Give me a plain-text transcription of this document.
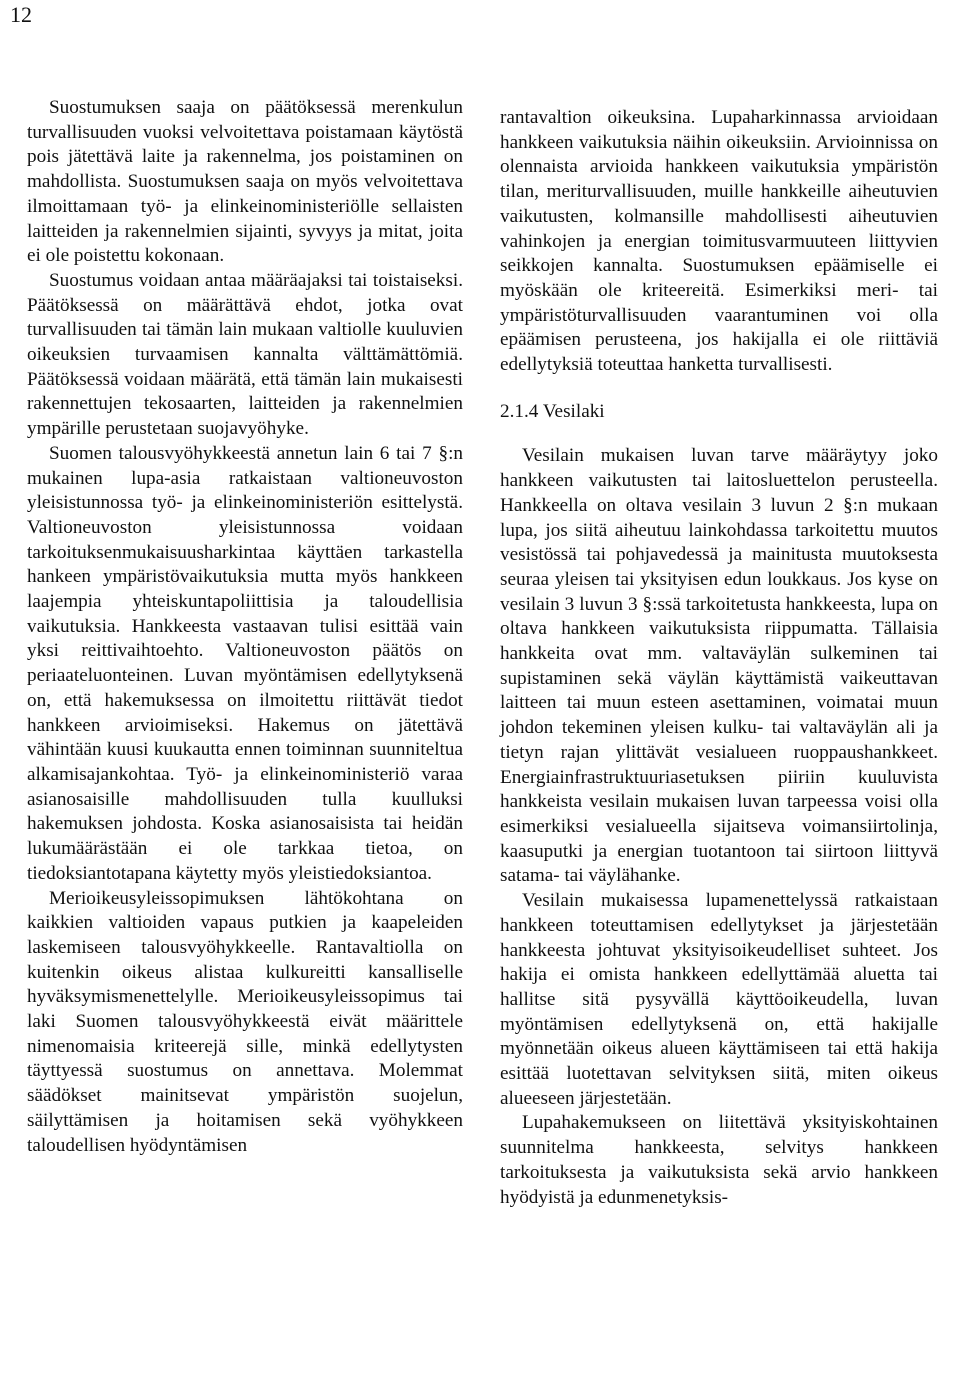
12

Suostumuksen saaja on päätöksessä merenkulun turvallisuuden vuoksi velvoitettava poistamaan käytöstä pois jätettävä laite ja rakennelma, jos poistaminen on mahdollista. Suostumuksen saaja on myös velvoitettava ilmoittamaan työ- ja elinkeinoministeriölle sellaisten laitteiden ja rakennelmien sijainti, syvyys ja mitat, joita ei ole poistettu kokonaan.

Suostumus voidaan antaa määräajaksi tai toistaiseksi. Päätöksessä on määrättävä ehdot, jotka ovat turvallisuuden tai tämän lain mukaan valtiolle kuuluvien oikeuksien turvaamisen kannalta välttämättömiä. Päätöksessä voidaan määrätä, että tämän lain mukaisesti rakennettujen tekosaarten, laitteiden ja rakennelmien ympärille perustetaan suojavyöhyke.

Suomen talousvyöhykkeestä annetun lain 6 tai 7 §:n mukainen lupa-asia ratkaistaan valtioneuvoston yleisistunnossa työ- ja elinkeinoministeriön esittelystä. Valtioneuvoston yleisistunnossa voidaan tarkoituksenmukaisuusharkintaa käyttäen tarkastella hankeen ympäristövaikutuksia mutta myös hankkeen laajempia yhteiskuntapoliittisia ja taloudellisia vaikutuksia. Hankkeesta vastaavan tulisi esittää vain yksi reittivaihtoehto. Valtioneuvoston päätös on periaateluonteinen. Luvan myöntämisen edellytyksenä on, että hakemuksessa on ilmoitettu riittävät tiedot hankkeen arvioimiseksi. Hakemus on jätettävä vähintään kuusi kuukautta ennen toiminnan suunniteltua alkamisajankohtaa. Työ- ja elinkeinoministeriö varaa asianosaisille mahdollisuuden tulla kuulluksi hakemuksen johdosta. Koska asianosaisista tai heidän lukumäärästään ei ole tarkkaa tietoa, on tiedoksiantotapana käytetty myös yleistiedoksiantoa.

Merioikeusyleissopimuksen lähtökohtana on kaikkien valtioiden vapaus putkien ja kaapeleiden laskemiseen talousvyöhykkeelle. Rantavaltiolla on kuitenkin oikeus alistaa kulkureitti kansalliselle hyväksymismenettelylle. Merioikeusyleissopimus tai laki Suomen talousvyöhykkeestä eivät määrittele nimenomaisia kriteerejä sille, minkä edellytysten täyttyessä suostumus on annettava. Molemmat säädökset mainitsevat ympäristön suojelun, säilyttämisen ja hoitamisen sekä vyöhykkeen taloudellisen hyödyntämisen

rantavaltion oikeuksina. Lupaharkinnassa arvioidaan hankkeen vaikutuksia näihin oikeuksiin. Arvioinnissa on olennaista arvioida hankkeen vaikutuksia ympäristön tilan, meriturvallisuuden, muille hankkeille aiheutuvien vaikutusten, kolmansille mahdollisesti aiheutuvien vahinkojen ja energian toimitusvarmuuteen liittyvien seikkojen kannalta. Suostumuksen epäämiselle ei myöskään ole kriteereitä. Esimerkiksi meri- tai ympäristöturvallisuuden vaarantuminen voi olla epäämisen perusteena, jos hakijalla ei ole riittäviä edellytyksiä toteuttaa hanketta turvallisesti.

2.1.4 Vesilaki

Vesilain mukaisen luvan tarve määräytyy joko hankkeen vaikutusten tai laitosluettelon perusteella. Hankkeella on oltava vesilain 3 luvun 2 §:n mukaan lupa, jos siitä aiheutuu lainkohdassa tarkoitettu muutos vesistössä tai pohjavedessä ja mainitusta muutoksesta seuraa yleisen tai yksityisen edun loukkaus. Jos kyse on vesilain 3 luvun 3 §:ssä tarkoitetusta hankkeesta, lupa on oltava hankkeen vaikutuksista riippumatta. Tällaisia hankkeita ovat mm. valtaväylän sulkeminen tai supistaminen sekä väylän käyttämistä vaikeuttavan laitteen tai muun esteen asettaminen, voimatai muun johdon tekeminen yleisen kulku- tai valtaväylän ali ja tietyn rajan ylittävät vesialueen ruoppaushankkeet. Energiainfrastruktuuriasetuksen piiriin kuuluvista hankkeista vesilain mukaisen luvan tarpeessa voisi olla esimerkiksi vesialueella sijaitseva voimansiirtolinja, kaasuputki ja energian tuotantoon tai siirtoon liittyvä satama- tai väylähanke.

Vesilain mukaisessa lupamenettelyssä ratkaistaan hankkeen toteuttamisen edellytykset ja järjestetään hankkeesta johtuvat yksityisoikeudelliset suhteet. Jos hakija ei omista hankkeen edellyttämää aluetta tai hallitse sitä pysyvällä käyttöoikeudella, luvan myöntämisen edellytyksenä on, että hakijalle myönnetään oikeus alueen käyttämiseen tai että hakija esittää luotettavan selvityksen siitä, miten oikeus alueeseen järjestetään.

Lupahakemukseen on liitettävä yksityiskohtainen suunnitelma hankkeesta, selvitys hankkeen tarkoituksesta ja vaikutuksista sekä arvio hankkeen hyödyistä ja edunmenetyksis-
